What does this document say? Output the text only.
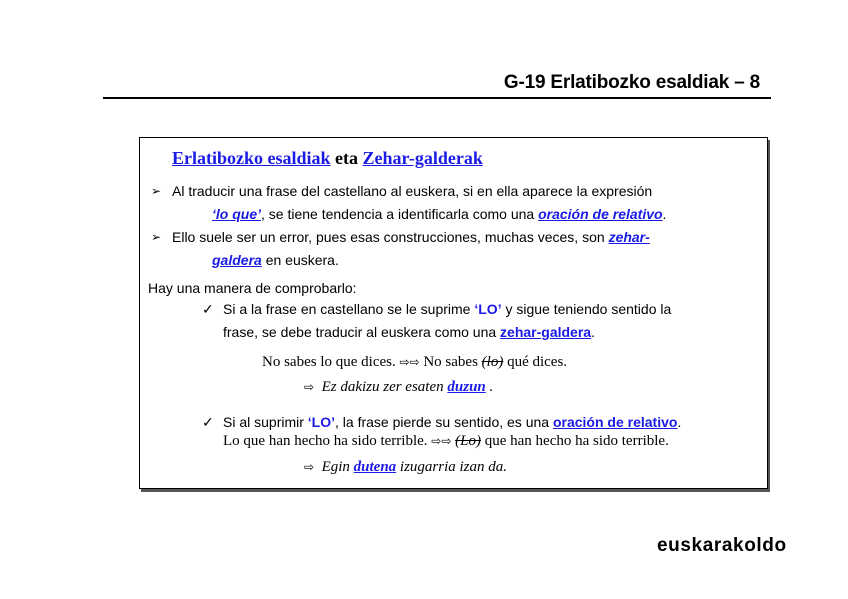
G-19 Erlatibozko esaldiak – 8
Erlatibozko esaldiak eta Zehar-galderak
➢ Al traducir una frase del castellano al euskera, si en ella aparece la expresión
‘lo que’, se tiene tendencia a identificarla como una oración de relativo.
➢ Ello suele ser un error, pues esas construcciones, muchas veces, son zehar-
galdera en euskera.
Hay una manera de comprobarlo:
✓ Si a la frase en castellano se le suprime ‘LO’ y sigue teniendo sentido la
frase, se debe traducir al euskera como una zehar-galdera.
No sabes lo que dices. ⇨⇨ No sabes (lo) qué dices.
⇨ Ez dakizu zer esaten duzun .
✓ Si al suprimir ‘LO’, la frase pierde su sentido, es una oración de relativo.
Lo que han hecho ha sido terrible. ⇨⇨ (Lo) que han hecho ha sido terrible.
⇨ Egin dutena izugarria izan da.
euskarakoldo
